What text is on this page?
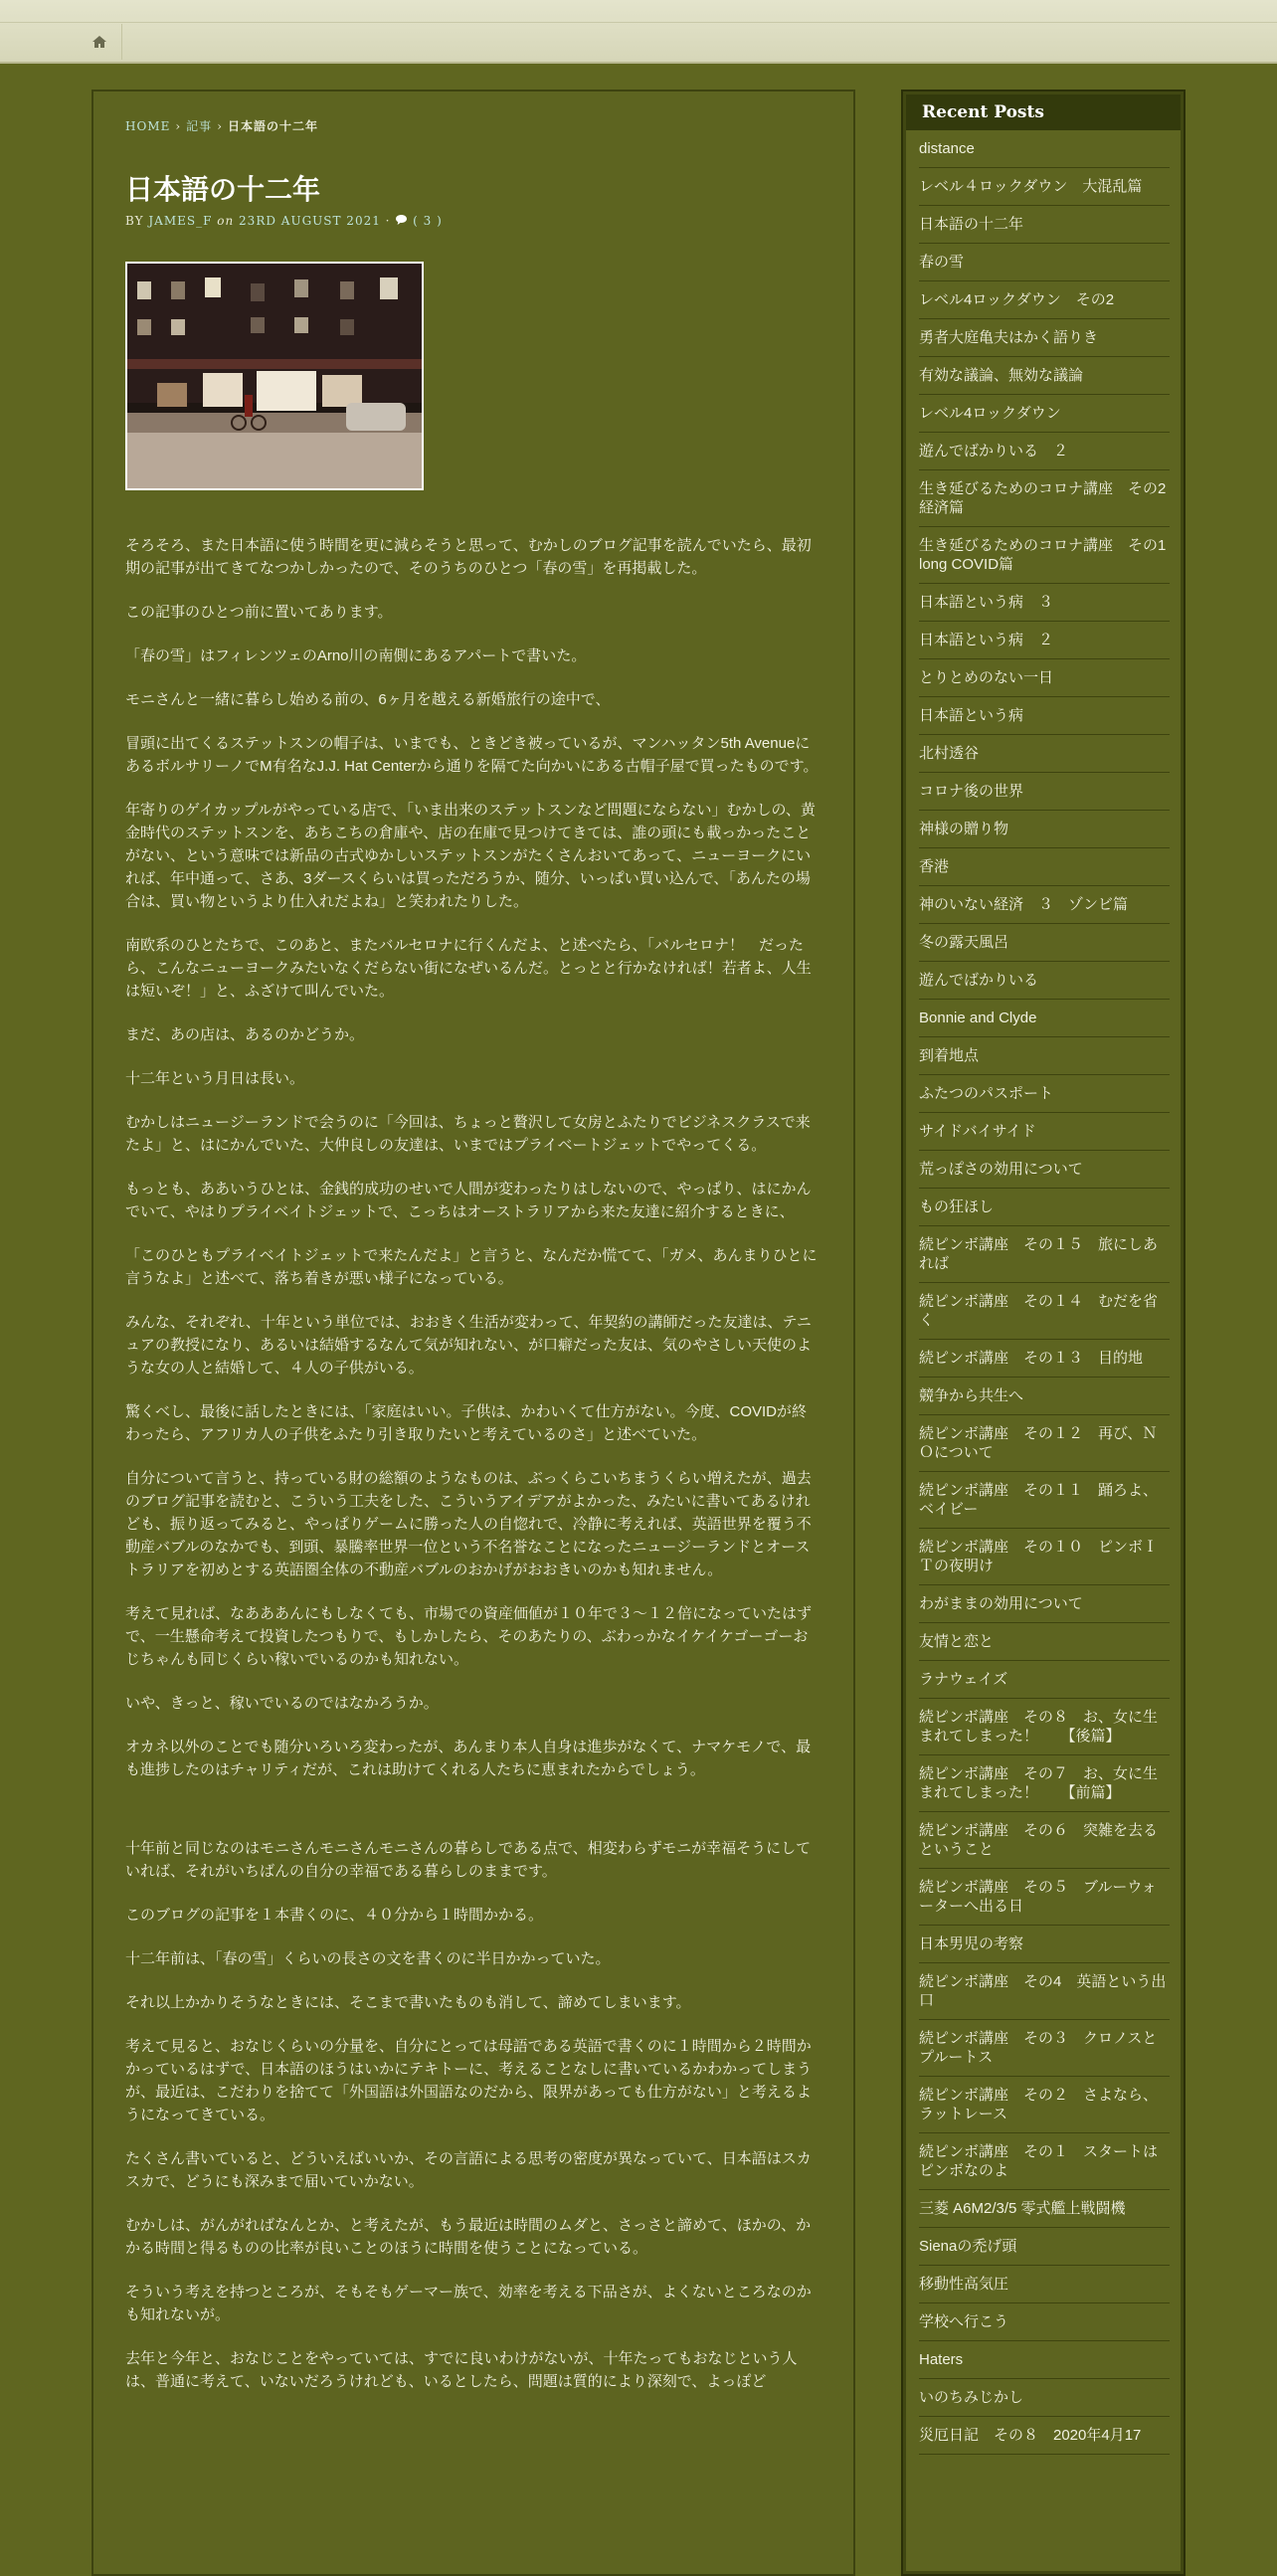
HOME › 記事 › 日本語の十二年
日本語の十二年
BY JAMES_F on 23RD AUGUST 2021 · ( 3 )

そろそろ、また日本語に使う時間を更に減らそうと思って、むかしのブログ記事を読んでいたら、最初期の記事が出てきてなつかしかったので、そのうちのひとつ「春の雪」を再掲載した。

この記事のひとつ前に置いてあります。

「春の雪」はフィレンツェのArno川の南側にあるアパートで書いた。

モニさんと一緒に暮らし始める前の、6ヶ月を越える新婚旅行の途中で、

冒頭に出てくるステットスンの帽子は、いまでも、ときどき被っているが、マンハッタン5th AvenueにあるボルサリーノでM有名なJ.J. Hat Centerから通りを隔てた向かいにある古帽子屋で買ったものです。

年寄りのゲイカップルがやっている店で、「いま出来のステットスンなど問題にならない」むかしの、黄金時代のステットスンを、あちこちの倉庫や、店の在庫で見つけてきては、誰の頭にも載っかったことがない、という意味では新品の古式ゆかしいステットスンがたくさんおいてあって、ニューヨークにいれば、年中通って、さあ、3ダースくらいは買っただろうか、随分、いっぱい買い込んで、「あんたの場合は、買い物というより仕入れだよね」と笑われたりした。

南欧系のひとたちで、このあと、またバルセロナに行くんだよ、と述べたら、「バルセロナ！　だったら、こんなニューヨークみたいなくだらない街になぜいるんだ。とっとと行かなければ！若者よ、人生は短いぞ！」と、ふざけて叫んでいた。

まだ、あの店は、あるのかどうか。

十二年という月日は長い。

むかしはニュージーランドで会うのに「今回は、ちょっと贅沢して女房とふたりでビジネスクラスで来たよ」と、はにかんでいた、大仲良しの友達は、いまではプライベートジェットでやってくる。

もっとも、ああいうひとは、金銭的成功のせいで人間が変わったりはしないので、やっぱり、はにかんでいて、やはりプライベイトジェットで、こっちはオーストラリアから来た友達に紹介するときに、

「このひともプライベイトジェットで来たんだよ」と言うと、なんだか慌てて、「ガメ、あんまりひとに言うなよ」と述べて、落ち着きが悪い様子になっている。

みんな、それぞれ、十年という単位では、おおきく生活が変わって、年契約の講師だった友達は、テニュアの教授になり、あるいは結婚するなんて気が知れない、が口癖だった友は、気のやさしい天使のような女の人と結婚して、４人の子供がいる。

驚くべし、最後に話したときには、「家庭はいい。子供は、かわいくて仕方がない。今度、COVIDが終わったら、アフリカ人の子供をふたり引き取りたいと考えているのさ」と述べていた。

自分について言うと、持っている財の総額のようなものは、ぶっくらこいちまうくらい増えたが、過去のブログ記事を読むと、こういう工夫をした、こういうアイデアがよかった、みたいに書いてあるけれども、振り返ってみると、やっぱりゲームに勝った人の自惚れで、冷静に考えれば、英語世界を覆う不動産バブルのなかでも、到頭、暴騰率世界一位という不名誉なことになったニュージーランドとオーストラリアを初めとする英語圏全体の不動産バブルのおかげがおおきいのかも知れません。

考えて見れば、なあああんにもしなくても、市場での資産価値が１０年で３～１２倍になっていたはずで、一生懸命考えて投資したつもりで、もしかしたら、そのあたりの、ぶわっかなイケイケゴーゴーおじちゃんも同じくらい稼いでいるのかも知れない。

いや、きっと、稼いでいるのではなかろうか。

オカネ以外のことでも随分いろいろ変わったが、あんまり本人自身は進歩がなくて、ナマケモノで、最も進捗したのはチャリティだが、これは助けてくれる人たちに恵まれたからでしょう。

十年前と同じなのはモニさんモニさんモニさんの暮らしである点で、相変わらずモニが幸福そうにしていれば、それがいちばんの自分の幸福である暮らしのままです。

このブログの記事を１本書くのに、４０分から１時間かかる。

十二年前は、「春の雪」くらいの長さの文を書くのに半日かかっていた。

それ以上かかりそうなときには、そこまで書いたものも消して、諦めてしまいます。

考えて見ると、おなじくらいの分量を、自分にとっては母語である英語で書くのに１時間から２時間かかっているはずで、日本語のほうはいかにテキトーに、考えることなしに書いているかわかってしまうが、最近は、こだわりを捨てて「外国語は外国語なのだから、限界があっても仕方がない」と考えるようになってきている。

たくさん書いていると、どういえばいいか、その言語による思考の密度が異なっていて、日本語はスカスカで、どうにも深みまで届いていかない。

むかしは、がんがればなんとか、と考えたが、もう最近は時間のムダと、さっさと諦めて、ほかの、かかる時間と得るものの比率が良いことのほうに時間を使うことになっている。

そういう考えを持つところが、そもそもゲーマー族で、効率を考える下品さが、よくないところなのかも知れないが。

去年と今年と、おなじことをやっていては、すでに良いわけがないが、十年たってもおなじという人は、普通に考えて、いないだろうけれども、いるとしたら、問題は質的により深刻で、よっぽど

Recent Posts
distance
レベル４ロックダウン　大混乱篇
日本語の十二年
春の雪
レベル4ロックダウン　その2
勇者大庭亀夫はかく語りき
有効な議論、無効な議論
レベル4ロックダウン
遊んでばかりいる　２
生き延びるためのコロナ講座　その2　経済篇
生き延びるためのコロナ講座　その1　long COVID篇
日本語という病　３
日本語という病　２
とりとめのない一日
日本語という病
北村透谷
コロナ後の世界
神様の贈り物
香港
神のいない経済　３　ゾンビ篇
冬の露天風呂
遊んでばかりいる
Bonnie and Clyde
到着地点
ふたつのパスポート
サイドバイサイド
荒っぽさの効用について
もの狂ほし
続ピンボ講座　その１５　旅にしあれば
続ピンボ講座　その１４　むだを省く
続ピンボ講座　その１３　目的地
競争から共生へ
続ピンボ講座　その１２　再び、ＮＯについて
続ピンボ講座　その１１　踊ろよ、ベイビー
続ピンボ講座　その１０　ピンボＩＴの夜明け
わがままの効用について
友情と恋と
ラナウェイズ
続ピンボ講座　その８　お、女に生まれてしまった！　　【後篇】
続ピンボ講座　その７　お、女に生まれてしまった！　　【前篇】
続ピンボ講座　その６　突雑を去るということ
続ピンボ講座　その５　ブルーウォーターへ出る日
日本男児の考察
続ピンボ講座　その4　英語という出口
続ピンボ講座　その３　クロノスとプルートス
続ピンボ講座　その２　さよなら、ラットレース
続ピンボ講座　その１　スタートはピンボなのよ
三菱 A6M2/3/5 零式艦上戦闘機
Sienaの禿げ頭
移動性高気圧
学校へ行こう
Haters
いのちみじかし
災厄日記　その８　2020年4月17
